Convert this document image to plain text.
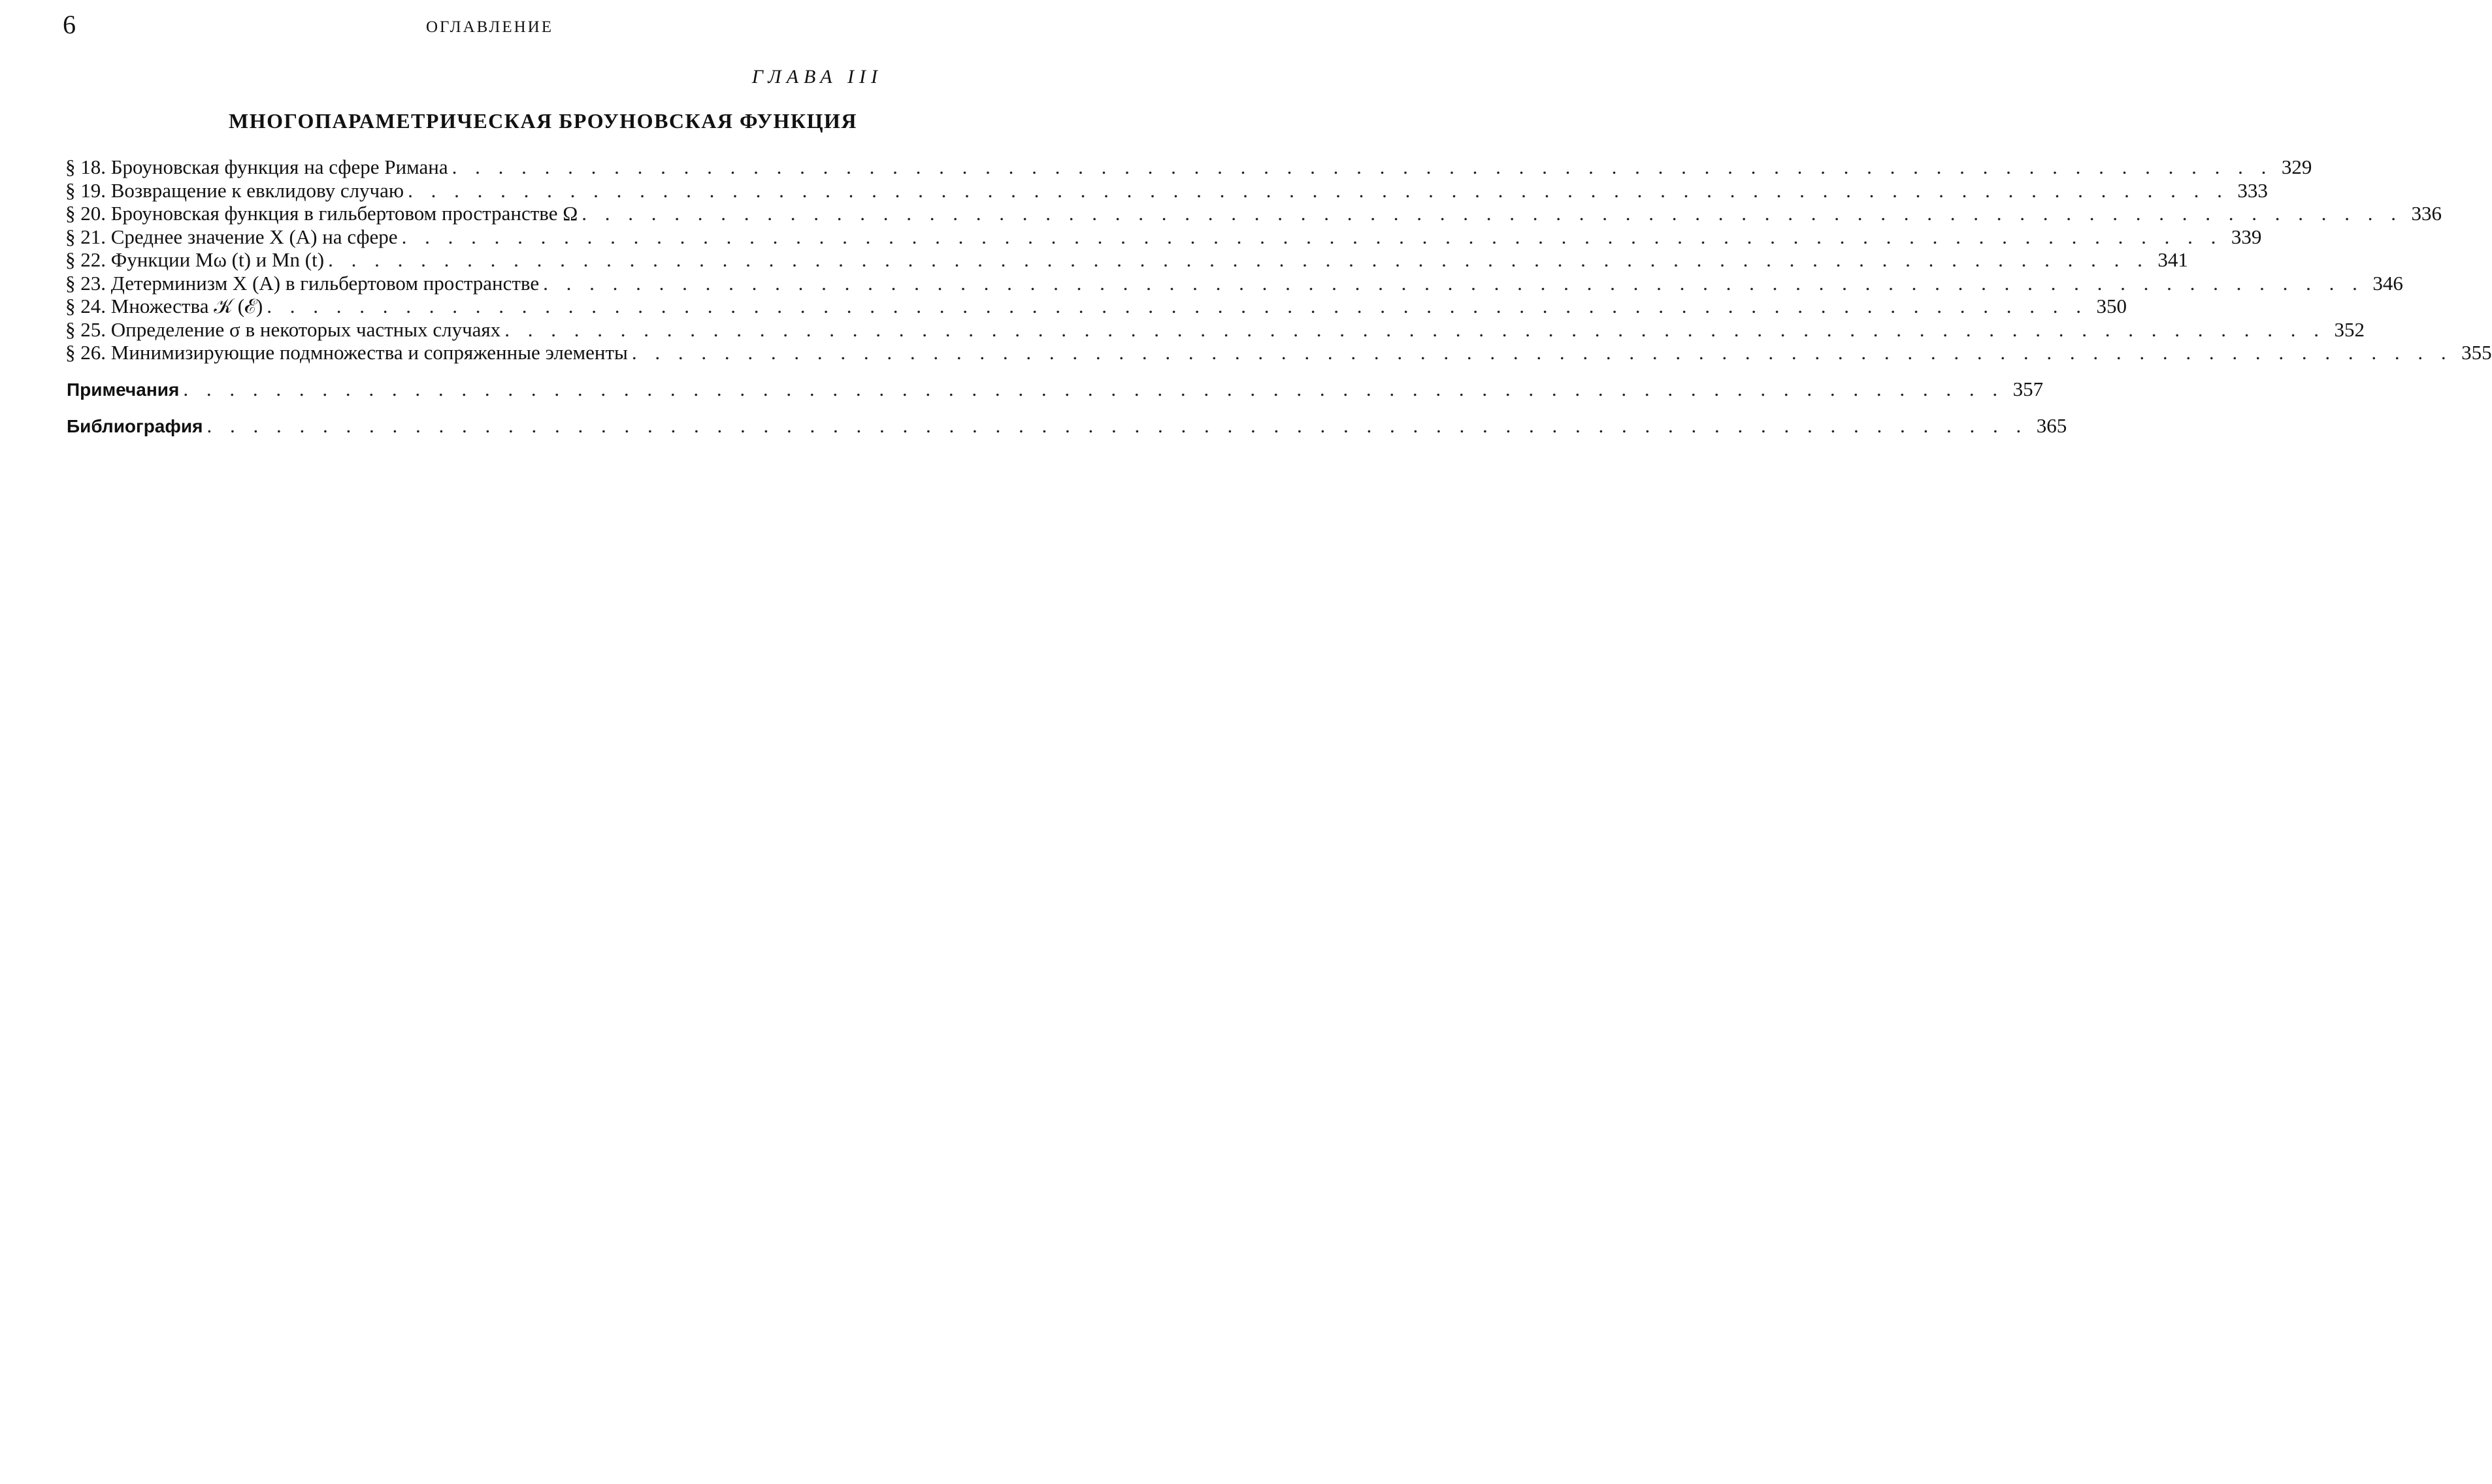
6	ОГЛАВЛЕНИЕ
ГЛАВА III
МНОГОПАРАМЕТРИЧЕСКАЯ БРОУНОВСКАЯ ФУНКЦИЯ
§ 18. Броуновская функция на сфере Римана . . . . . . . . . . . . . . . . . . . . . . . . . . . . . . . . . . . . . . . . . . . . . . . . . . . . . . . . . . . . . . . . . . . . . . . . . . . . . . . 329
§ 19. Возвращение к евклидову случаю . . . . . . . . . . . . . . . . . . . . . . . . . . . . . . . . . . . . . . . . . . . . . . . . . . . . . . . . . . . . . . . . . . . . . . . . . . . . . . . 333
§ 20. Броуновская функция в гильбертовом пространстве Ω . . . . . . . . . . . . . . . . . . . . . . . . . . . . . . . . . . . . . . . . . . . . . . . . . . . . . . . . . . . . . . . . . . . . . . . . . . . . . . . 336
§ 21. Среднее значение X (A) на сфере . . . . . . . . . . . . . . . . . . . . . . . . . . . . . . . . . . . . . . . . . . . . . . . . . . . . . . . . . . . . . . . . . . . . . . . . . . . . . . . 339
§ 22. Функции Mω (t) и Mn (t) . . . . . . . . . . . . . . . . . . . . . . . . . . . . . . . . . . . . . . . . . . . . . . . . . . . . . . . . . . . . . . . . . . . . . . . . . . . . . . . 341
§ 23. Детерминизм X (A) в гильбертовом пространстве . . . . . . . . . . . . . . . . . . . . . . . . . . . . . . . . . . . . . . . . . . . . . . . . . . . . . . . . . . . . . . . . . . . . . . . . . . . . . . . 346
§ 24. Множества 𝒦 (ℰ) . . . . . . . . . . . . . . . . . . . . . . . . . . . . . . . . . . . . . . . . . . . . . . . . . . . . . . . . . . . . . . . . . . . . . . . . . . . . . . . 350
§ 25. Определение σ в некоторых частных случаях . . . . . . . . . . . . . . . . . . . . . . . . . . . . . . . . . . . . . . . . . . . . . . . . . . . . . . . . . . . . . . . . . . . . . . . . . . . . . . . 352
§ 26. Минимизирующие подмножества и сопряженные элементы . . . . . . . . . . . . . . . . . . . . . . . . . . . . . . . . . . . . . . . . . . . . . . . . . . . . . . . . . . . . . . . . . . . . . . . . . . . . . . . 355
Примечания . . . . . . . . . . . . . . . . . . . . . . . . . . . . . . . . . . . . . . . . . . . . . . . . . . . . . . . . . . . . . . . . . . . . . . . . . . . . . . . 357
Библиография . . . . . . . . . . . . . . . . . . . . . . . . . . . . . . . . . . . . . . . . . . . . . . . . . . . . . . . . . . . . . . . . . . . . . . . . . . . . . . . 365
